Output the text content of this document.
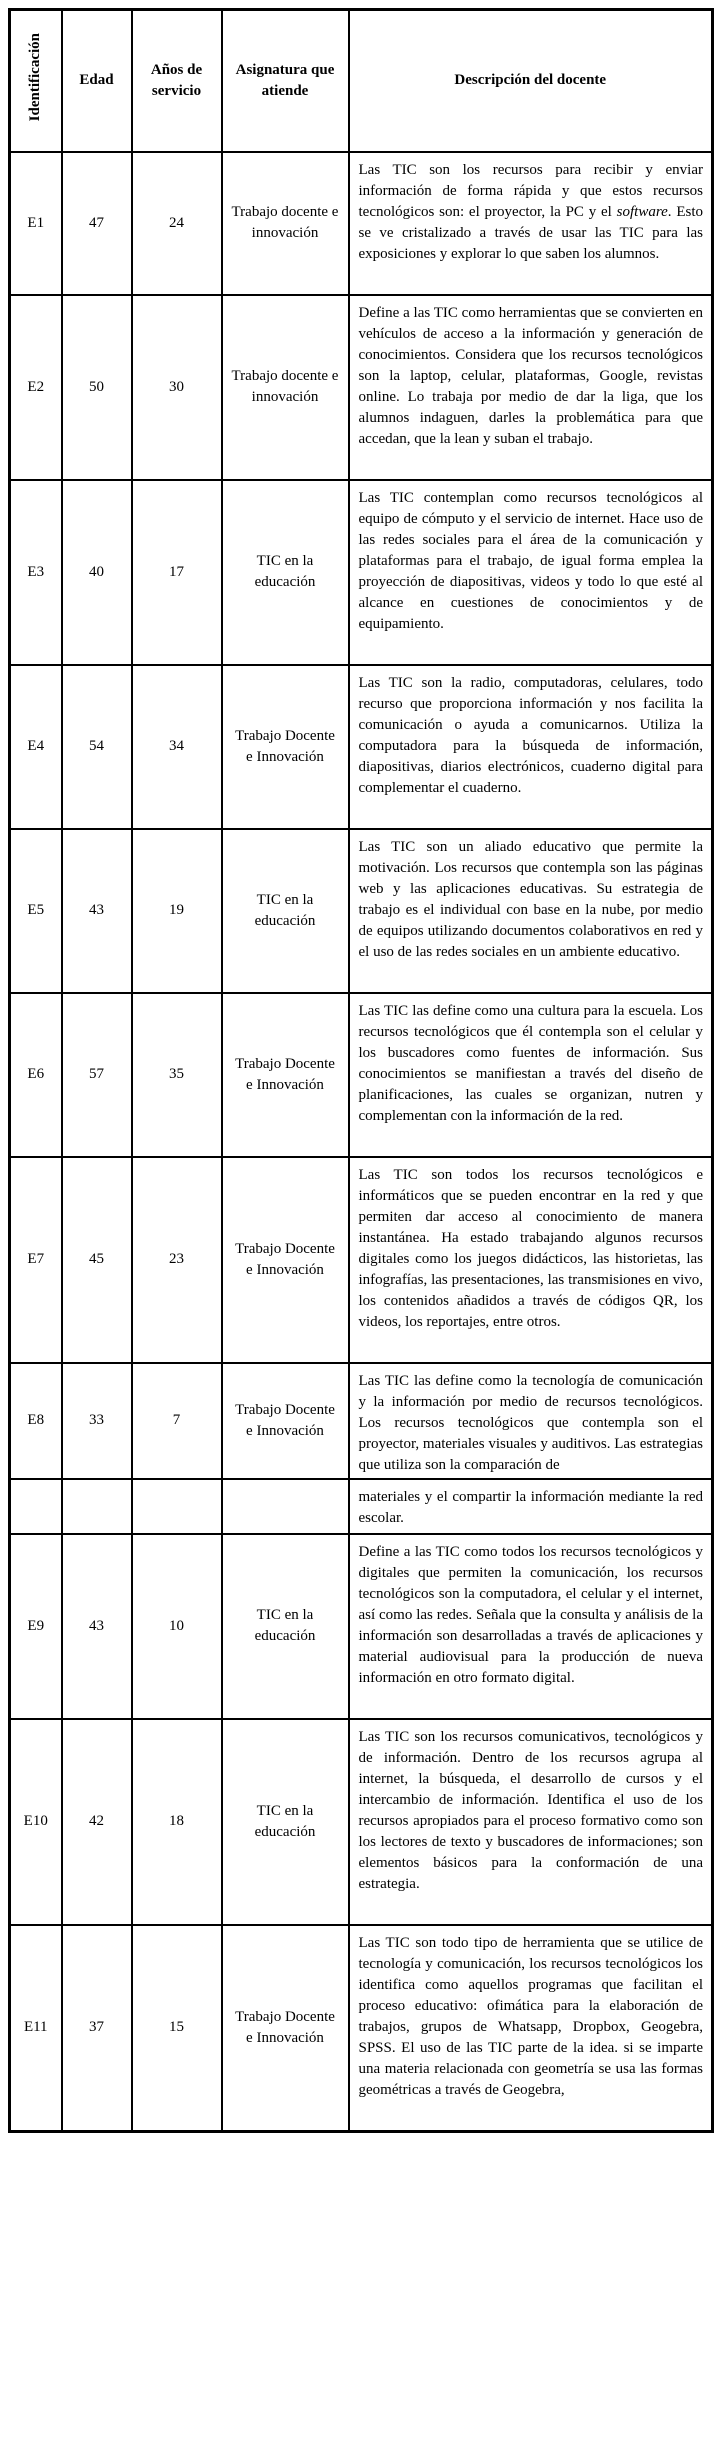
Identificación	Edad	Años de servicio	Asignatura que atiende	Descripción del docente
E1	47	24	Trabajo docente e innovación	Las TIC son los recursos para recibir y enviar información de forma rápida y que estos recursos tecnológicos son: el proyector, la PC y el software. Esto se ve cristalizado a través de usar las TIC para las exposiciones y explorar lo que saben los alumnos.
E2	50	30	Trabajo docente e innovación	Define a las TIC como herramientas que se convierten en vehículos de acceso a la información y generación de conocimientos. Considera que los recursos tecnológicos son la laptop, celular, plataformas, Google, revistas online. Lo trabaja por medio de dar la liga, que los alumnos indaguen, darles la problemática para que accedan, que la lean y suban el trabajo.
E3	40	17	TIC en la educación	Las TIC contemplan como recursos tecnológicos al equipo de cómputo y el servicio de internet. Hace uso de las redes sociales para el área de la comunicación y plataformas para el trabajo, de igual forma emplea la proyección de diapositivas, videos y todo lo que esté al alcance en cuestiones de conocimientos y de equipamiento.
E4	54	34	Trabajo Docente e Innovación	Las TIC son la radio, computadoras, celulares, todo recurso que proporciona información y nos facilita la comunicación o ayuda a comunicarnos. Utiliza la computadora para la búsqueda de información, diapositivas, diarios electrónicos, cuaderno digital para complementar el cuaderno.
E5	43	19	TIC en la educación	Las TIC son un aliado educativo que permite la motivación. Los recursos que contempla son las páginas web y las aplicaciones educativas. Su estrategia de trabajo es el individual con base en la nube, por medio de equipos utilizando documentos colaborativos en red y el uso de las redes sociales en un ambiente educativo.
E6	57	35	Trabajo Docente e Innovación	Las TIC las define como una cultura para la escuela. Los recursos tecnológicos que él contempla son el celular y los buscadores como fuentes de información. Sus conocimientos se manifiestan a través del diseño de planificaciones, las cuales se organizan, nutren y complementan con la información de la red.
E7	45	23	Trabajo Docente e Innovación	Las TIC son todos los recursos tecnológicos e informáticos que se pueden encontrar en la red y que permiten dar acceso al conocimiento de manera instantánea. Ha estado trabajando algunos recursos digitales como los juegos didácticos, las historietas, las infografías, las presentaciones, las transmisiones en vivo, los contenidos añadidos a través de códigos QR, los videos, los reportajes, entre otros.
E8	33	7	Trabajo Docente e Innovación	Las TIC las define como la tecnología de comunicación y la información por medio de recursos tecnológicos. Los recursos tecnológicos que contempla son el proyector, materiales visuales y auditivos. Las estrategias que utiliza son la comparación de
				materiales y el compartir la información mediante la red escolar.
E9	43	10	TIC en la educación	Define a las TIC como todos los recursos tecnológicos y digitales que permiten la comunicación, los recursos tecnológicos son la computadora, el celular y el internet, así como las redes. Señala que la consulta y análisis de la información son desarrolladas a través de aplicaciones y material audiovisual para la producción de nueva información en otro formato digital.
E10	42	18	TIC en la educación	Las TIC son los recursos comunicativos, tecnológicos y de información. Dentro de los recursos agrupa al internet, la búsqueda, el desarrollo de cursos y el intercambio de información. Identifica el uso de los recursos apropiados para el proceso formativo como son los lectores de texto y buscadores de informaciones; son elementos básicos para la conformación de una estrategia.
E11	37	15	Trabajo Docente e Innovación	Las TIC son todo tipo de herramienta que se utilice de tecnología y comunicación, los recursos tecnológicos los identifica como aquellos programas que facilitan el proceso educativo: ofimática para la elaboración de trabajos, grupos de Whatsapp, Dropbox, Geogebra, SPSS. El uso de las TIC parte de la idea. si se imparte una materia relacionada con geometría se usa las formas geométricas a través de Geogebra,
